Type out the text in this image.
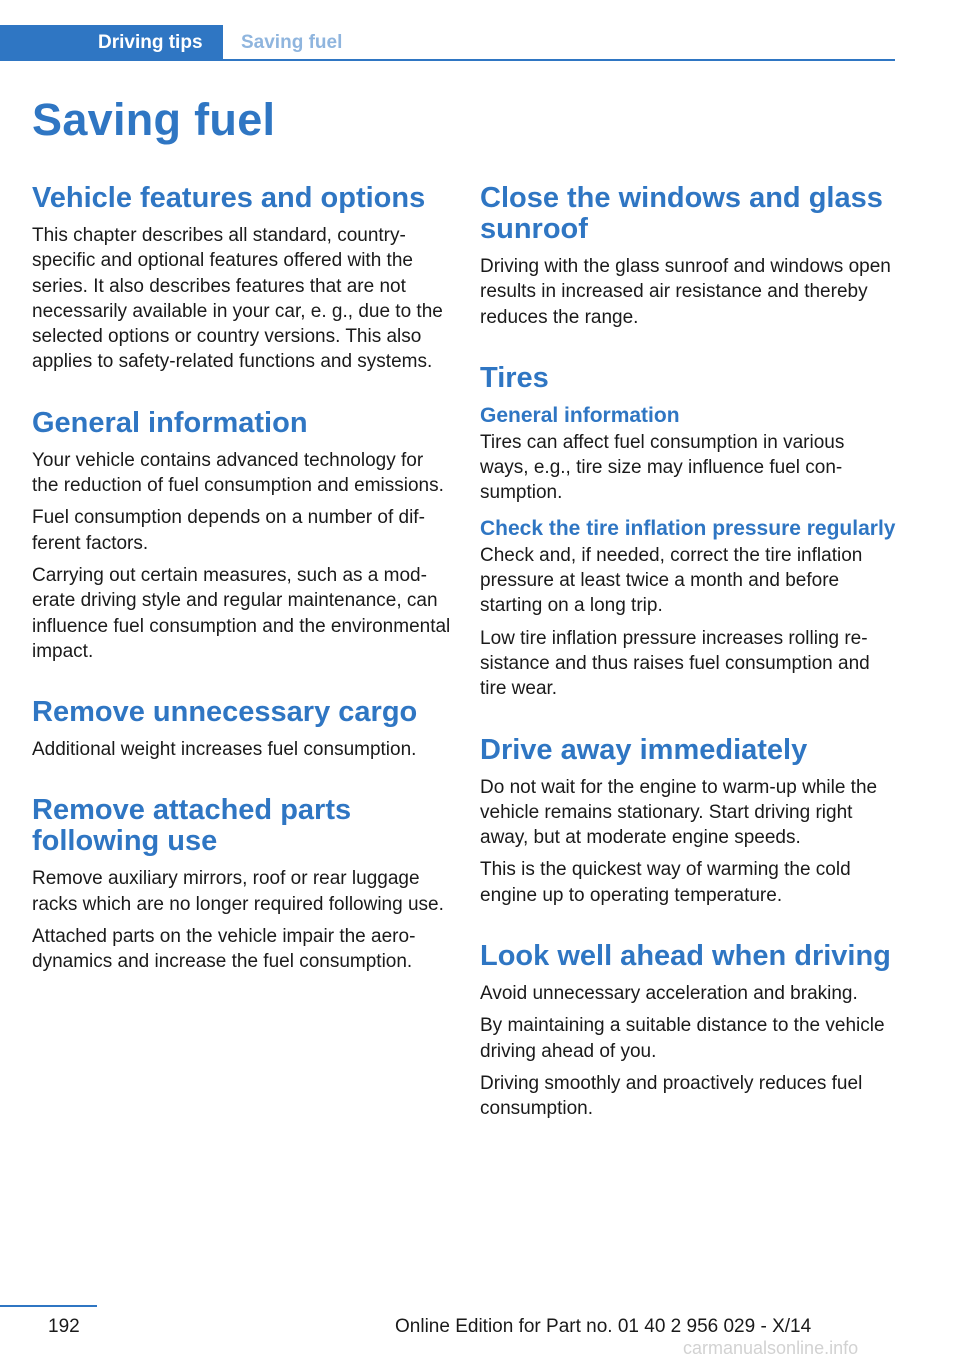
Driving tips	Saving fuel
Saving fuel
Vehicle features and options

This chapter describes all standard, country-specific and optional features offered with the series. It also describes features that are not necessarily available in your car, e. g., due to the selected options or country versions. This also applies to safety-related functions and systems.

General information

Your vehicle contains advanced technology for the reduction of fuel consumption and emissions.

Fuel consumption depends on a number of different factors.

Carrying out certain measures, such as a moderate driving style and regular maintenance, can influence fuel consumption and the environmental impact.

Remove unnecessary cargo

Additional weight increases fuel consumption.

Remove attached parts following use

Remove auxiliary mirrors, roof or rear luggage racks which are no longer required following use.

Attached parts on the vehicle impair the aerodynamics and increase the fuel consumption.

Close the windows and glass sunroof

Driving with the glass sunroof and windows open results in increased air resistance and thereby reduces the range.

Tires
General information

Tires can affect fuel consumption in various ways, e.g., tire size may influence fuel consumption.

Check the tire inflation pressure regularly

Check and, if needed, correct the tire inflation pressure at least twice a month and before starting on a long trip.

Low tire inflation pressure increases rolling resistance and thus raises fuel consumption and tire wear.

Drive away immediately

Do not wait for the engine to warm-up while the vehicle remains stationary. Start driving right away, but at moderate engine speeds.

This is the quickest way of warming the cold engine up to operating temperature.

Look well ahead when driving

Avoid unnecessary acceleration and braking.

By maintaining a suitable distance to the vehicle driving ahead of you.

Driving smoothly and proactively reduces fuel consumption.

192	Online Edition for Part no. 01 40 2 956 029 - X/14
carmanualsonline.info
